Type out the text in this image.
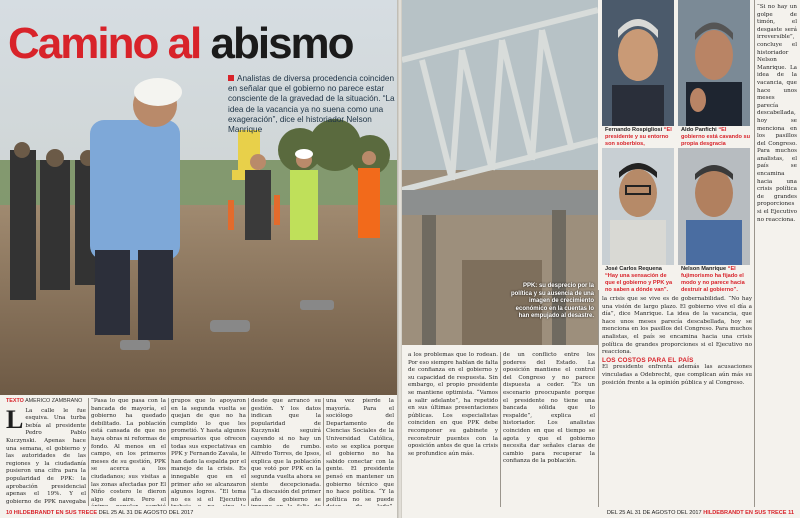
Camino al abismo
Analistas de diversa procedencia coinciden en señalar que el gobierno no parece estar consciente de la gravedad de la situación. “La idea de la vacancia ya no suena como una exageración”, dice el historiador Nelson Manrique
TEXTO AMÉRICO ZAMBRANO
L La calle le fue esquiva. Una turba bebía al presidente Pedro Pablo Kuczynski. Apenas hace una semana, el gobierno y las autoridades de las regiones y la ciudadanía pusieron una cifra para la popularidad de PPK: la aprobación presidencial apenas el 19%. Y el gobierno de PPK navegaba
“Pasa lo que pasa con la bancada de mayoría, el gobierno ha quedado debilitado. La población está cansada de que no haya obras ni reformas de fondo. Al menos en el campo, en los primeros meses de su gestión, PPK se acerca a los ciudadanos; sus visitas a las zonas afectadas por El Niño costero le dieron algo de aire. Pero el
grupos que lo apoyaron en la segunda vuelta se quejan de que no ha cumplido lo que les prometió. Y hasta algunos empresarios que ofrecen todas sus expectativas en PPK y Fernando Zavala, le han dado la espalda por el manejo de la crisis. Es innegable que en el primer año se alcanzaron algunos logros. “El tema no es si el Ejecutivo
desde que arrancó su gestión. Y los datos indican que la popularidad de Kuczynski seguirá cayendo si no hay un cambio de rumbo. Alfredo Torres, de Ipsos, explica que la población que votó por PPK en la segunda vuelta ahora se siente decepcionada. “La discusión del primer año de gobierno se
una vez pierde la mayoría. Para el sociólogo del Departamento de Ciencias Sociales de la Universidad Católica, esto se explica porque el gobierno no ha sabido conectar con la gente. El presidente pensó en mantener un gobierno técnico que no hace política. “Y la política no se puede
10 HILDEBRANDT EN SUS TRECE DEL 25 AL 31 DE AGOSTO DEL 2017
PPK: su desprecio por la política y su ausencia de una imagen de crecimiento económico en la cuentas lo han empujado al desastre.
Fernando Rospigliosi “El presidente y su entorno son soberbios,
Aldo Panfichi “El gobierno está cavando su propia desgracia
José Carlos Requena “Hay una sensación de que el gobierno y PPK ya no saben a dónde van”.
Nelson Manrique “El fujimorismo ha fijado el modo y no parece hacia destruir al gobierno”.
a los problemas que lo rodean. Por eso siempre hablan de falta de confianza en el gobierno y su capacidad de respuesta. Sin embargo, el propio presidente se mantiene optimista. “Vamos a salir adelante”, ha repetido en sus últimas presentaciones públicas. Los especialistas coinciden en que PPK debe recomponer su gabinete y reconstruir puentes con la oposición antes de que la crisis se profundice aún más.
de un conflicto entre los poderes del Estado. La oposición mantiene el control del Congreso y no parece dispuesta a ceder. “Es un escenario preocupante porque el presidente no tiene una bancada sólida que lo respalde”, explica el historiador. Los analistas coinciden en que el tiempo se agota y que el gobierno necesita dar señales claras de cambio para recuperar la confianza de la población.
la crisis que se vive es de gobernabilidad. “No hay una visión de largo plazo. El gobierno vive el día a día”, dice Manrique. La idea de la vacancia, que hace unos meses parecía descabellada, hoy se menciona en los pasillos del Congreso. Para muchos analistas, el país se encamina hacia una crisis política de grandes proporciones si el Ejecutivo no reacciona.
LOS COSTOS PARA EL PAÍS
El presidente enfrenta además las acusaciones vinculadas a Odebrecht, que complican aún más su posición frente a la opinión pública y al Congreso.
“Si no hay un golpe de timón, el desgaste será irreversible”, concluye el historiador Nelson Manrique. La idea de la vacancia, que hace unos meses parecía descabellada, hoy se menciona en los pasillos del Congreso. Para muchos analistas, el país se encamina hacia una crisis política de grandes proporciones si el Ejecutivo no reacciona.
DEL 25 AL 31 DE AGOSTO DEL 2017 HILDEBRANDT EN SUS TRECE 11
